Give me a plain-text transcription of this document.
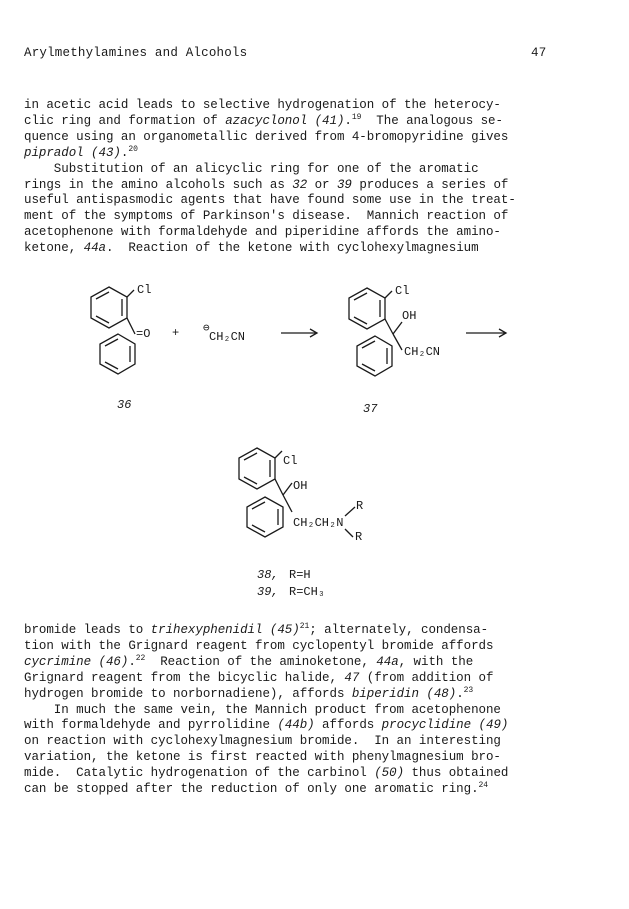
Arylmethylamines and Alcohols	47
in acetic acid leads to selective hydrogenation of the heterocy-
clic ring and formation of azacyclonol (41).$^{19}$  The analogous se-
quence using an organometallic derived from 4-bromopyridine gives
pipradol (43).$^{20}$
Substitution of an alicyclic ring for one of the aromatic
rings in the amino alcohols such as 32 or 39 produces a series of
useful antispasmodic agents that have found some use in the treat-
ment of the symptoms of Parkinson's disease.  Mannich reaction of
acetophenone with formaldehyde and piperidine affords the amino-
ketone, 44a.  Reaction of the ketone with cyclohexylmagnesium
Cl
=O + ⊖
CH₂CN
Cl
OH
CH₂CN
36	37
Cl
OH
CH₂CH₂N
R
R
38, R=H
39, R=CH₃
bromide leads to trihexyphenidil $(45)^{21}$; alternately, condensa-
tion with the Grignard reagent from cyclopentyl bromide affords
cycrimine (46).$^{22}$  Reaction of the aminoketone, 44a, with the
Grignard reagent from the bicyclic halide, 47 (from addition of
hydrogen bromide to norbornadiene), affords biperidin (48).$^{23}$
In much the same vein, the Mannich product from acetophenone
with formaldehyde and pyrrolidine (44b) affords procyclidine (49)
on reaction with cyclohexylmagnesium bromide.  In an interesting
variation, the ketone is first reacted with phenylmagnesium bro-
mide.  Catalytic hydrogenation of the carbinol (50) thus obtained
can be stopped after the reduction of only one aromatic ring.$^{24}$
